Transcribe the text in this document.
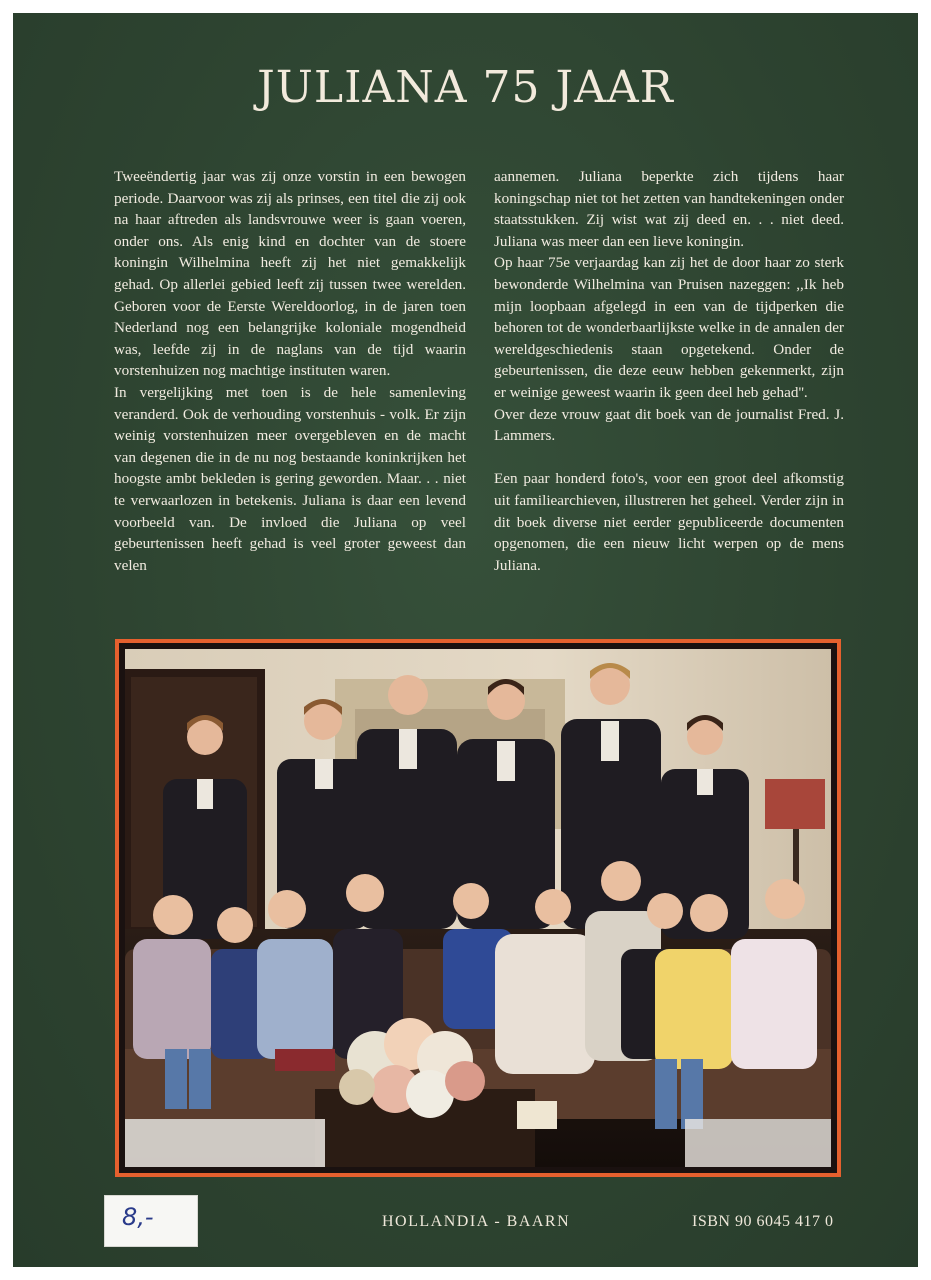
JULIANA 75 JAAR

Tweeëndertig jaar was zij onze vorstin in een bewogen periode. Daarvoor was zij als prinses, een titel die zij ook na haar aftreden als landsvrouwe weer is gaan voeren, onder ons. Als enig kind en dochter van de stoere koningin Wilhelmina heeft zij het niet gemakkelijk gehad. Op allerlei gebied leeft zij tussen twee werelden. Geboren voor de Eerste Wereldoorlog, in de jaren toen Nederland nog een belangrijke koloniale mogendheid was, leefde zij in de naglans van de tijd waarin vorstenhuizen nog machtige instituten waren.

In vergelijking met toen is de hele samenleving veranderd. Ook de verhouding vorstenhuis - volk. Er zijn weinig vorstenhuizen meer overgebleven en de macht van degenen die in de nu nog bestaande koninkrijken het hoogste ambt bekleden is gering geworden. Maar. . . niet te verwaarlozen in betekenis. Juliana is daar een levend voorbeeld van. De invloed die Juliana op veel gebeurtenissen heeft gehad is veel groter geweest dan velen

aannemen. Juliana beperkte zich tijdens haar koningschap niet tot het zetten van handtekeningen onder staatsstukken. Zij wist wat zij deed en. . . niet deed. Juliana was meer dan een lieve koningin.

Op haar 75e verjaardag kan zij het de door haar zo sterk bewonderde Wilhelmina van Pruisen nazeggen: ,,Ik heb mijn loopbaan afgelegd in een van de tijdperken die behoren tot de wonderbaarlijkste welke in de annalen der wereldgeschiedenis staan opgetekend. Onder de gebeurtenissen, die deze eeuw hebben gekenmerkt, zijn er weinige geweest waarin ik geen deel heb gehad''.

Over deze vrouw gaat dit boek van de journalist Fred. J. Lammers.

Een paar honderd foto's, voor een groot deel afkomstig uit familiearchieven, illustreren het geheel. Verder zijn in dit boek diverse niet eerder gepubliceerde documenten opgenomen, die een nieuw licht werpen op de mens Juliana.

HOLLANDIA - BAARN	ISBN 90 6045 417 0
8,-
